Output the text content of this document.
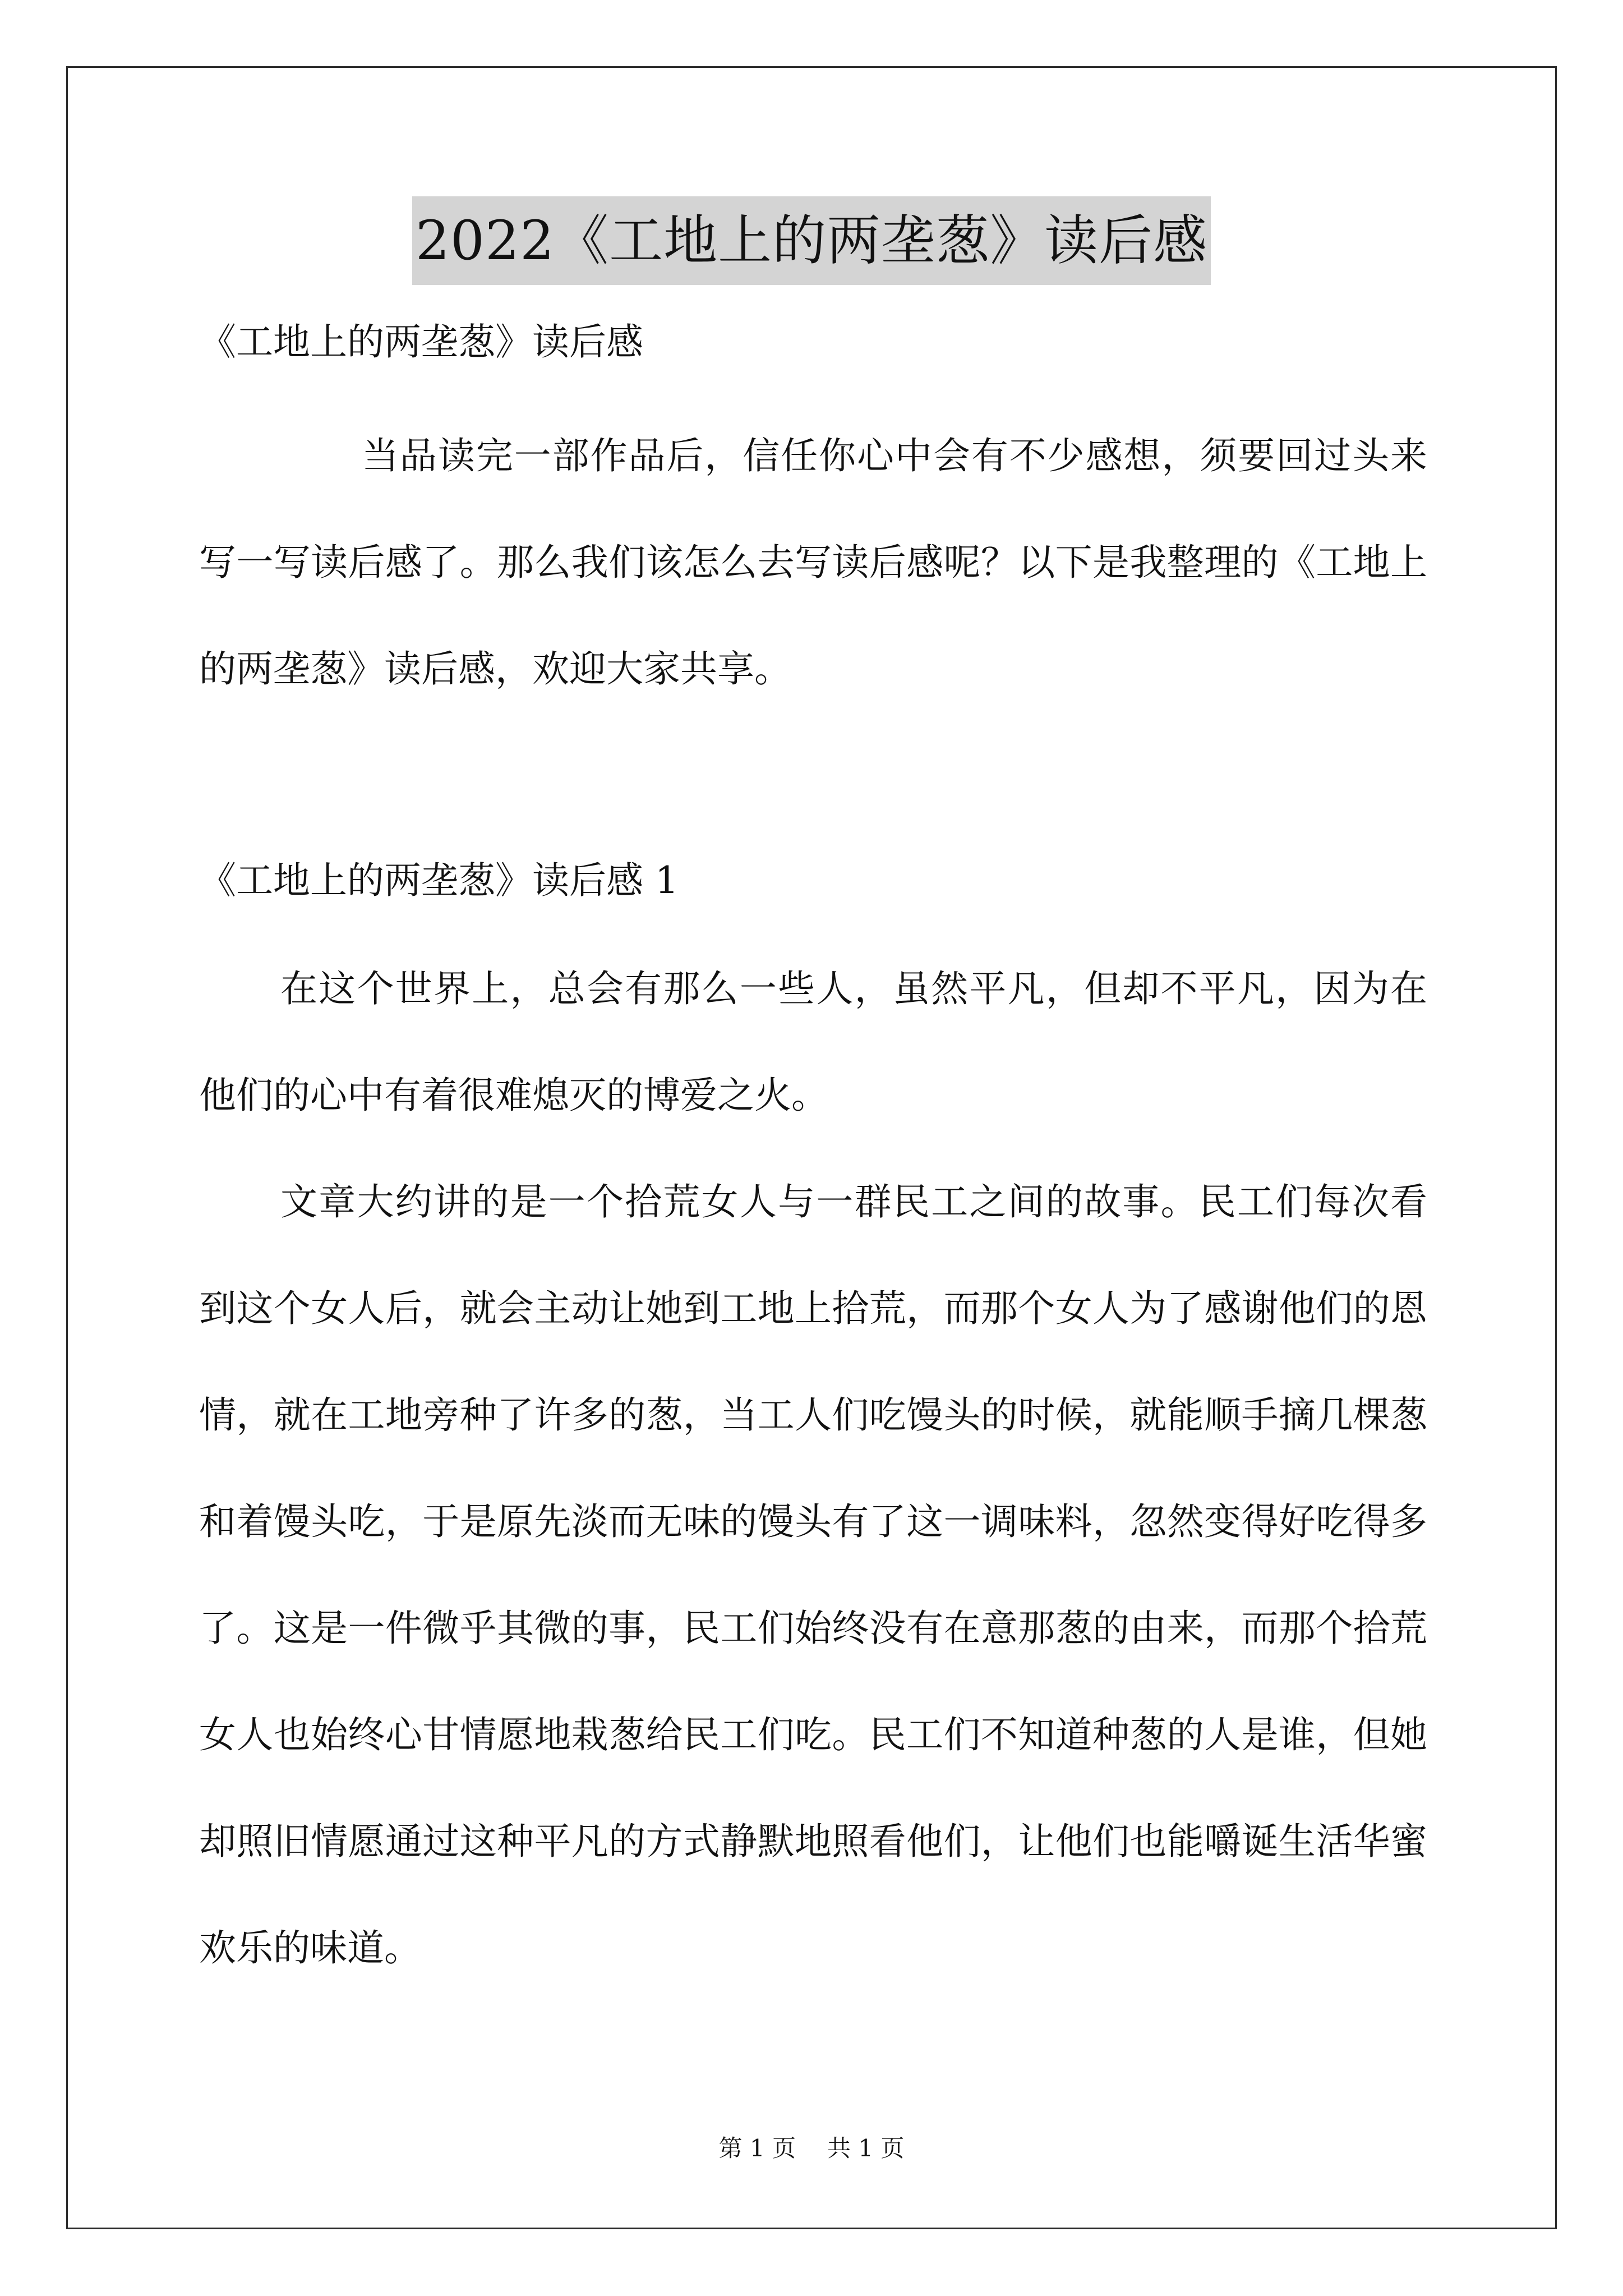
2022《工地上的两垄葱》读后感

《工地上的两垄葱》读后感

当品读完一部作品后，信任你心中会有不少感想，须要回过头来写一写读后感了。那么我们该怎么去写读后感呢？以下是我整理的《工地上的两垄葱》读后感，欢迎大家共享。

《工地上的两垄葱》读后感 1

在这个世界上，总会有那么一些人，虽然平凡，但却不平凡，因为在他们的心中有着很难熄灭的博爱之火。

文章大约讲的是一个拾荒女人与一群民工之间的故事。民工们每次看到这个女人后，就会主动让她到工地上拾荒，而那个女人为了感谢他们的恩情，就在工地旁种了许多的葱，当工人们吃馒头的时候，就能顺手摘几棵葱和着馒头吃，于是原先淡而无味的馒头有了这一调味料，忽然变得好吃得多了。这是一件微乎其微的事，民工们始终没有在意那葱的由来，而那个拾荒女人也始终心甘情愿地栽葱给民工们吃。民工们不知道种葱的人是谁，但她却照旧情愿通过这种平凡的方式静默地照看他们，让他们也能嚼诞生活华蜜欢乐的味道。

第 1 页 共 1 页
